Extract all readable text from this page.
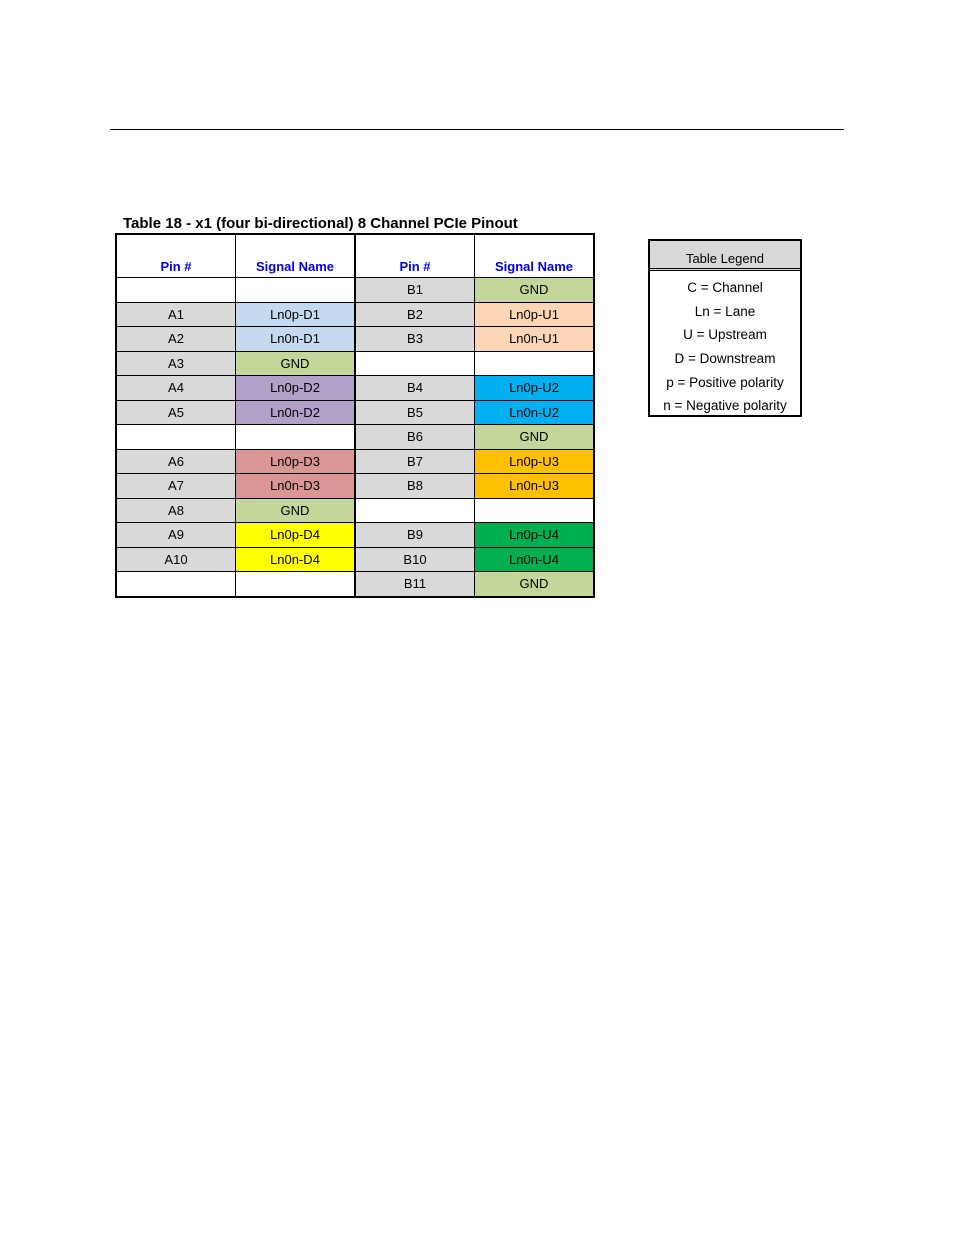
Table 18 - x1 (four bi-directional) 8 Channel PCIe Pinout
Pin #	Signal Name	Pin #	Signal Name
		B1	GND
A1	Ln0p-D1	B2	Ln0p-U1
A2	Ln0n-D1	B3	Ln0n-U1
A3	GND		
A4	Ln0p-D2	B4	Ln0p-U2
A5	Ln0n-D2	B5	Ln0n-U2
		B6	GND
A6	Ln0p-D3	B7	Ln0p-U3
A7	Ln0n-D3	B8	Ln0n-U3
A8	GND		
A9	Ln0p-D4	B9	Ln0p-U4
A10	Ln0n-D4	B10	Ln0n-U4
		B11	GND
Table Legend
C = Channel
Ln = Lane
U = Upstream
D = Downstream
p = Positive polarity
n = Negative polarity
